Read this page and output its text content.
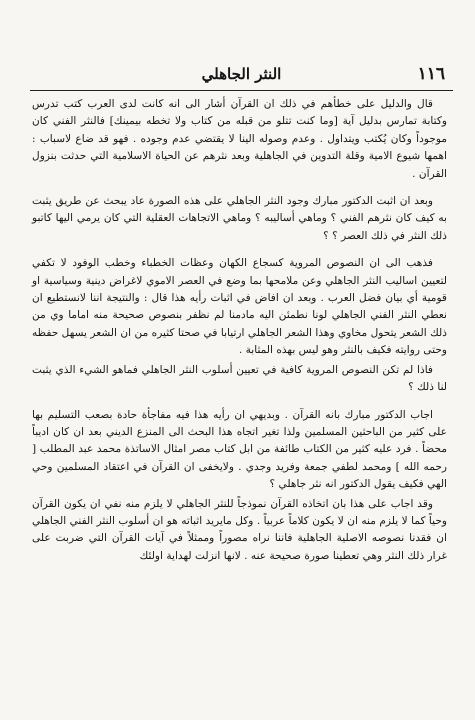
١١٦
النثر الجاهلي

قال والدليل على خطأهم في ذلك ان القرآن أشار الى انه كانت لدى العرب كتب تدرس وكتابة تمارس بدليل آية [وما كنت تتلو من قبله من كتاب ولا تخطه بيمينك] فالنثر الفني كان موجوداً وكان يُكتب ويتداول . وعدم وصوله الينا لا يقتضي عدم وجوده . فهو قد ضاع لاسباب : اهمها شيوع الامية وقلة التدوين في الجاهلية وبعد نثرهم عن الحياة الاسلامية التي حدثت بنزول القرآن .

وبعد ان اثبت الدكتور مبارك وجود النثر الجاهلي على هذه الصورة عاد يبحث عن طريق يثبت به كيف كان نثرهم الفني ؟ وماهي أساليبه ؟ وماهي الاتجاهات العقلية التي كان يرمي اليها كاتبو ذلك النثر في ذلك العصر ؟ ؟

فذهب الى ان النصوص المروية كسجاع الكهان وعظات الخطباء وخطب الوفود لا تكفي لتعيين اساليب النثر الجاهلي وعن ملامحها بما وضع في العصر الاموي لاغراض دينية وسياسية او قومية أي بيان فضل العرب . وبعد ان افاض في اثبات رأيه هذا قال : والنتيجة اننا لانستطيع ان نعطي النثر الفني الجاهلي لونا نطمئن اليه مادمنا لم نظفر بنصوص صحيحة منه اماما وي من ذلك الشعر يتحول مخاوي وهذا الشعر الجاهلي ارتيابا في صحتا كثيره من ان الشعر يسهل حفظه وحتى روايته فكيف بالنثر وهو ليس بهذه المثابة .

فاذا لم تكن النصوص المروية كافية في تعيين أسلوب النثر الجاهلي فماهو الشيء الذي يثبت لنا ذلك ؟

اجاب الدكتور مبارك بانه القرآن . وبديهي ان رأيه هذا فيه مفاجأة حادة بصعب التسليم بها على كثير من الباحثين المسلمين ولذا تغير اتجاه هذا البحث الى المنزع الديني بعد ان كان اديباً محضاً . فرد عليه كثير من الكتاب طائفة من ابل كتاب مصر امثال الاساتذة محمد عبد المطلب [ رحمه الله ] ومحمد لطفي جمعة وفريد وجدي . ولايخفى ان القرآن في اعتقاد المسلمين وحي الهي فكيف يقول الدكتور انه نثر جاهلي ؟

وقد اجاب على هذا بان اتخاذه القرآن نموذجاً للنثر الجاهلي لا يلزم منه نفي ان يكون القرآن وحياً كما لا يلزم منه ان لا يكون كلاماً عربياً . وكل مايريد اثباته هو ان أسلوب النثر الفني الجاهلي ان فقدنا نصوصه الاصلية الجاهلية فاننا نراه مصوراً وممثلاً في آيات القرآن التي ضربت على غرار ذلك النثر وهي تعطينا صورة صحيحة عنه . لانها انزلت لهداية اولئك
